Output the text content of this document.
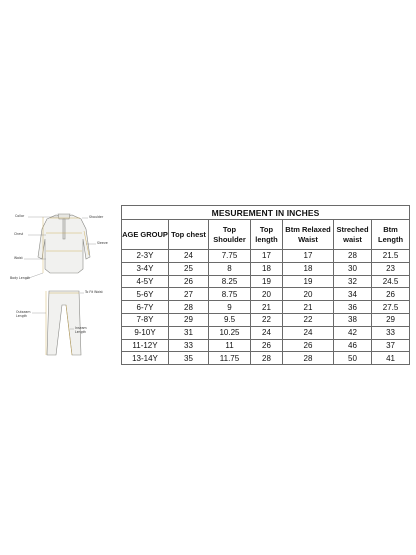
Collar	Shoulder
Chest
Sleeve
Waist
Body Length
To Fit Waist
Outseam Length
Inseam Length
MESUREMENT IN INCHES						
AGE GROUP	Top chest	Top Shoulder	Top length	Btm Relaxed Waist	Streched waist	Btm Length
2-3Y	24	7.75	17	17	28	21.5
3-4Y	25	8	18	18	30	23
4-5Y	26	8.25	19	19	32	24.5
5-6Y	27	8.75	20	20	34	26
6-7Y	28	9	21	21	36	27.5
7-8Y	29	9.5	22	22	38	29
9-10Y	31	10.25	24	24	42	33
11-12Y	33	11	26	26	46	37
13-14Y	35	11.75	28	28	50	41
